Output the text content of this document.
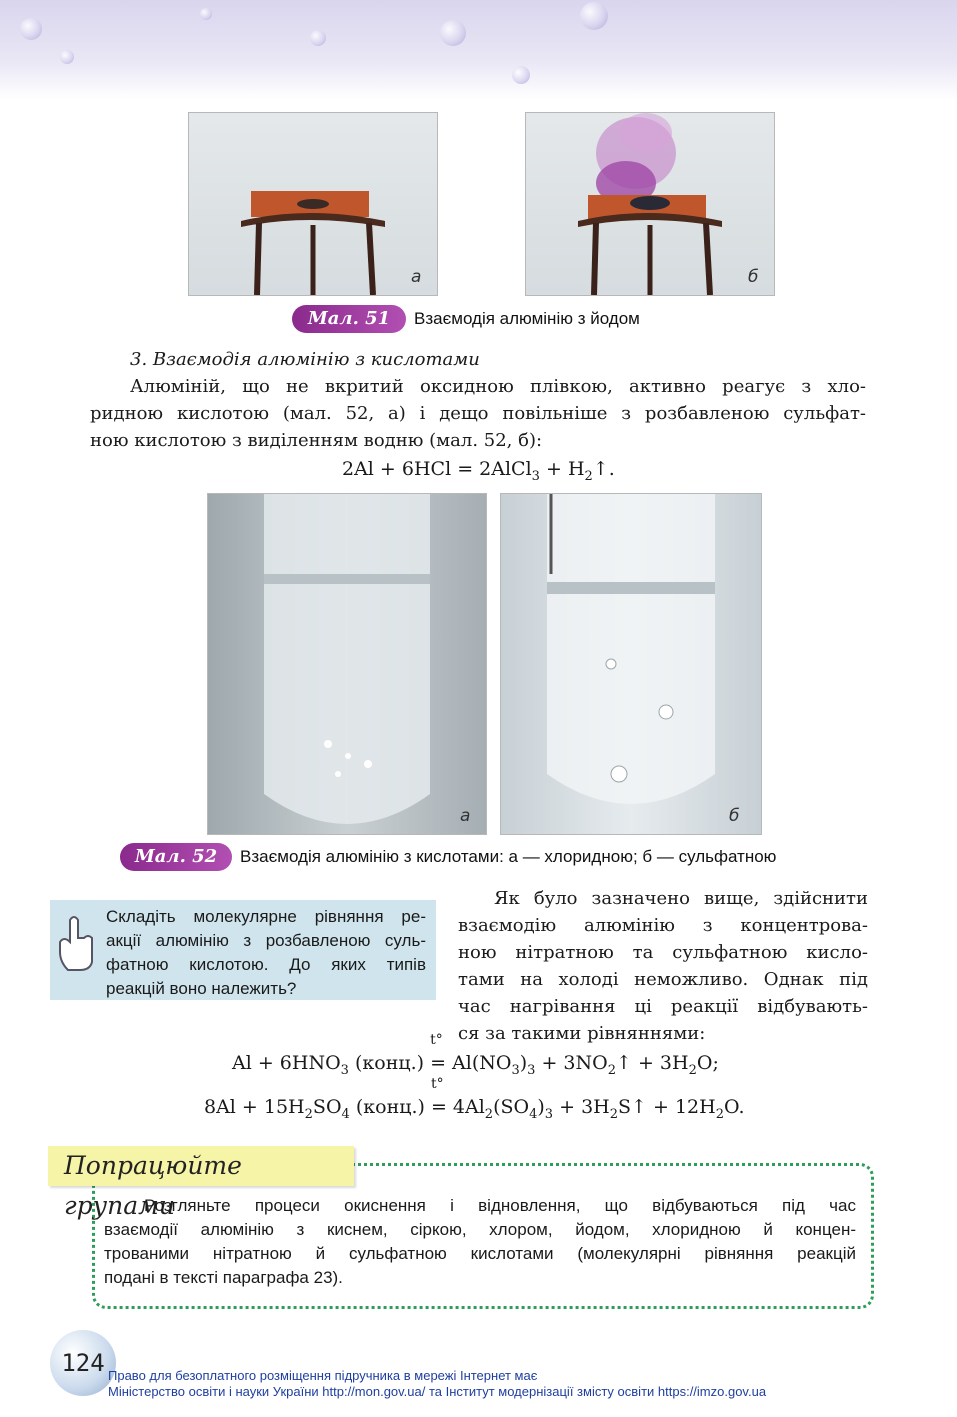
а	б
Мал. 51	Взаємодія алюмінію з йодом
3. Взаємодія алюмінію з кислотами
Алюміній, що не вкритий оксидною плівкою, активно реагує з хло-
ридною кислотою (мал. 52, а) і дещо повільніше з розбавленою сульфат-
ною кислотою з виділенням водню (мал. 52, б):
2Al + 6HCl = 2AlCl$_3$ + $H_2↑$.
а	б
Мал. 52	Взаємодія алюмінію з кислотами: а — хлоридною; б — сульфатною
Складіть молекулярне рівняння ре-
акції алюмінію з розбавленою суль-
фатною кислотою. До яких типів
реакцій воно належить?
Як було зазначено вище, здійснити
взаємодію алюмінію з концентрова-
ною нітратною та сульфатною кисло-
тами на холоді неможливо. Однак під
час нагрівання ці реакції відбувають-
ся за такими рівняннями:
$Al + 6HNO_3$ (конц.)
t°
= $Al(NO_3)_3$ + $3NO_2↑ + 3H_2O$;
$8Al + 15H_2SO_4$ (конц.)
t°
= $4Al_2(SO_4)_3$ + $3H_2S↑ + 12H_2O$.
Попрацюйте групами
Розгляньте процеси окиснення і відновлення, що відбуваються під час
взаємодії алюмінію з киснем, сіркою, хлором, йодом, хлоридною й концен-
трованими нітратною й сульфатною кислотами (молекулярні рівняння реакцій
подані в тексті параграфа 23).
124 Право для безоплатного розміщення підручника в мережі Інтернет має
Міністерство освіти і науки України http://mon.gov.ua/ та Інститут модернізації змісту освіти https://imzo.gov.ua
